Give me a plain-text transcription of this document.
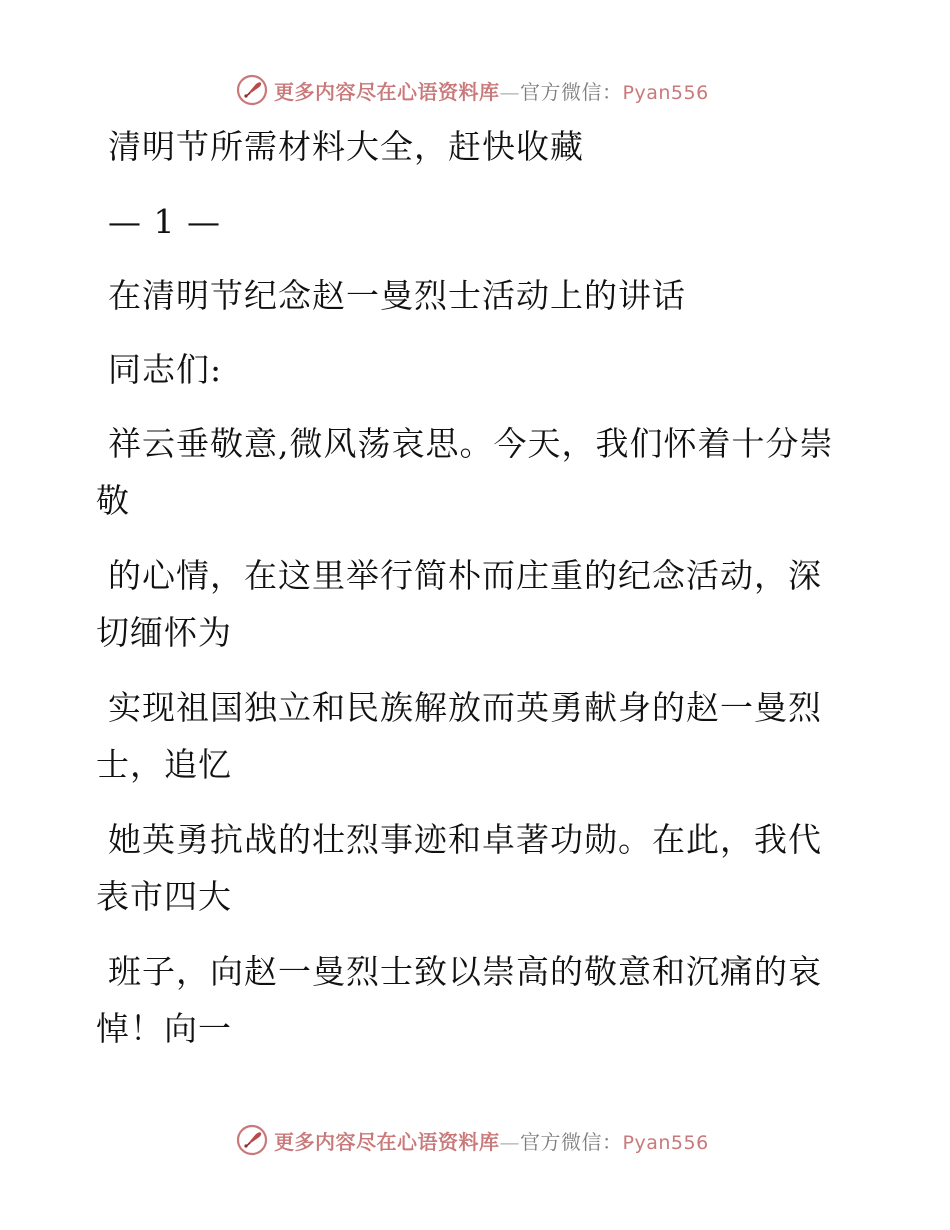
更多内容尽在心语资料库—官方微信：Pyan556
清明节所需材料大全，赶快收藏
— 1 —
在清明节纪念赵一曼烈士活动上的讲话
同志们:
祥云垂敬意,微风荡哀思。今天，我们怀着十分崇
敬
的心情，在这里举行简朴而庄重的纪念活动，深
切缅怀为
实现祖国独立和民族解放而英勇献身的赵一曼烈
士，追忆
她英勇抗战的壮烈事迹和卓著功勋。在此，我代
表市四大
班子，向赵一曼烈士致以崇高的敬意和沉痛的哀
悼！向一
更多内容尽在心语资料库—官方微信：Pyan556
